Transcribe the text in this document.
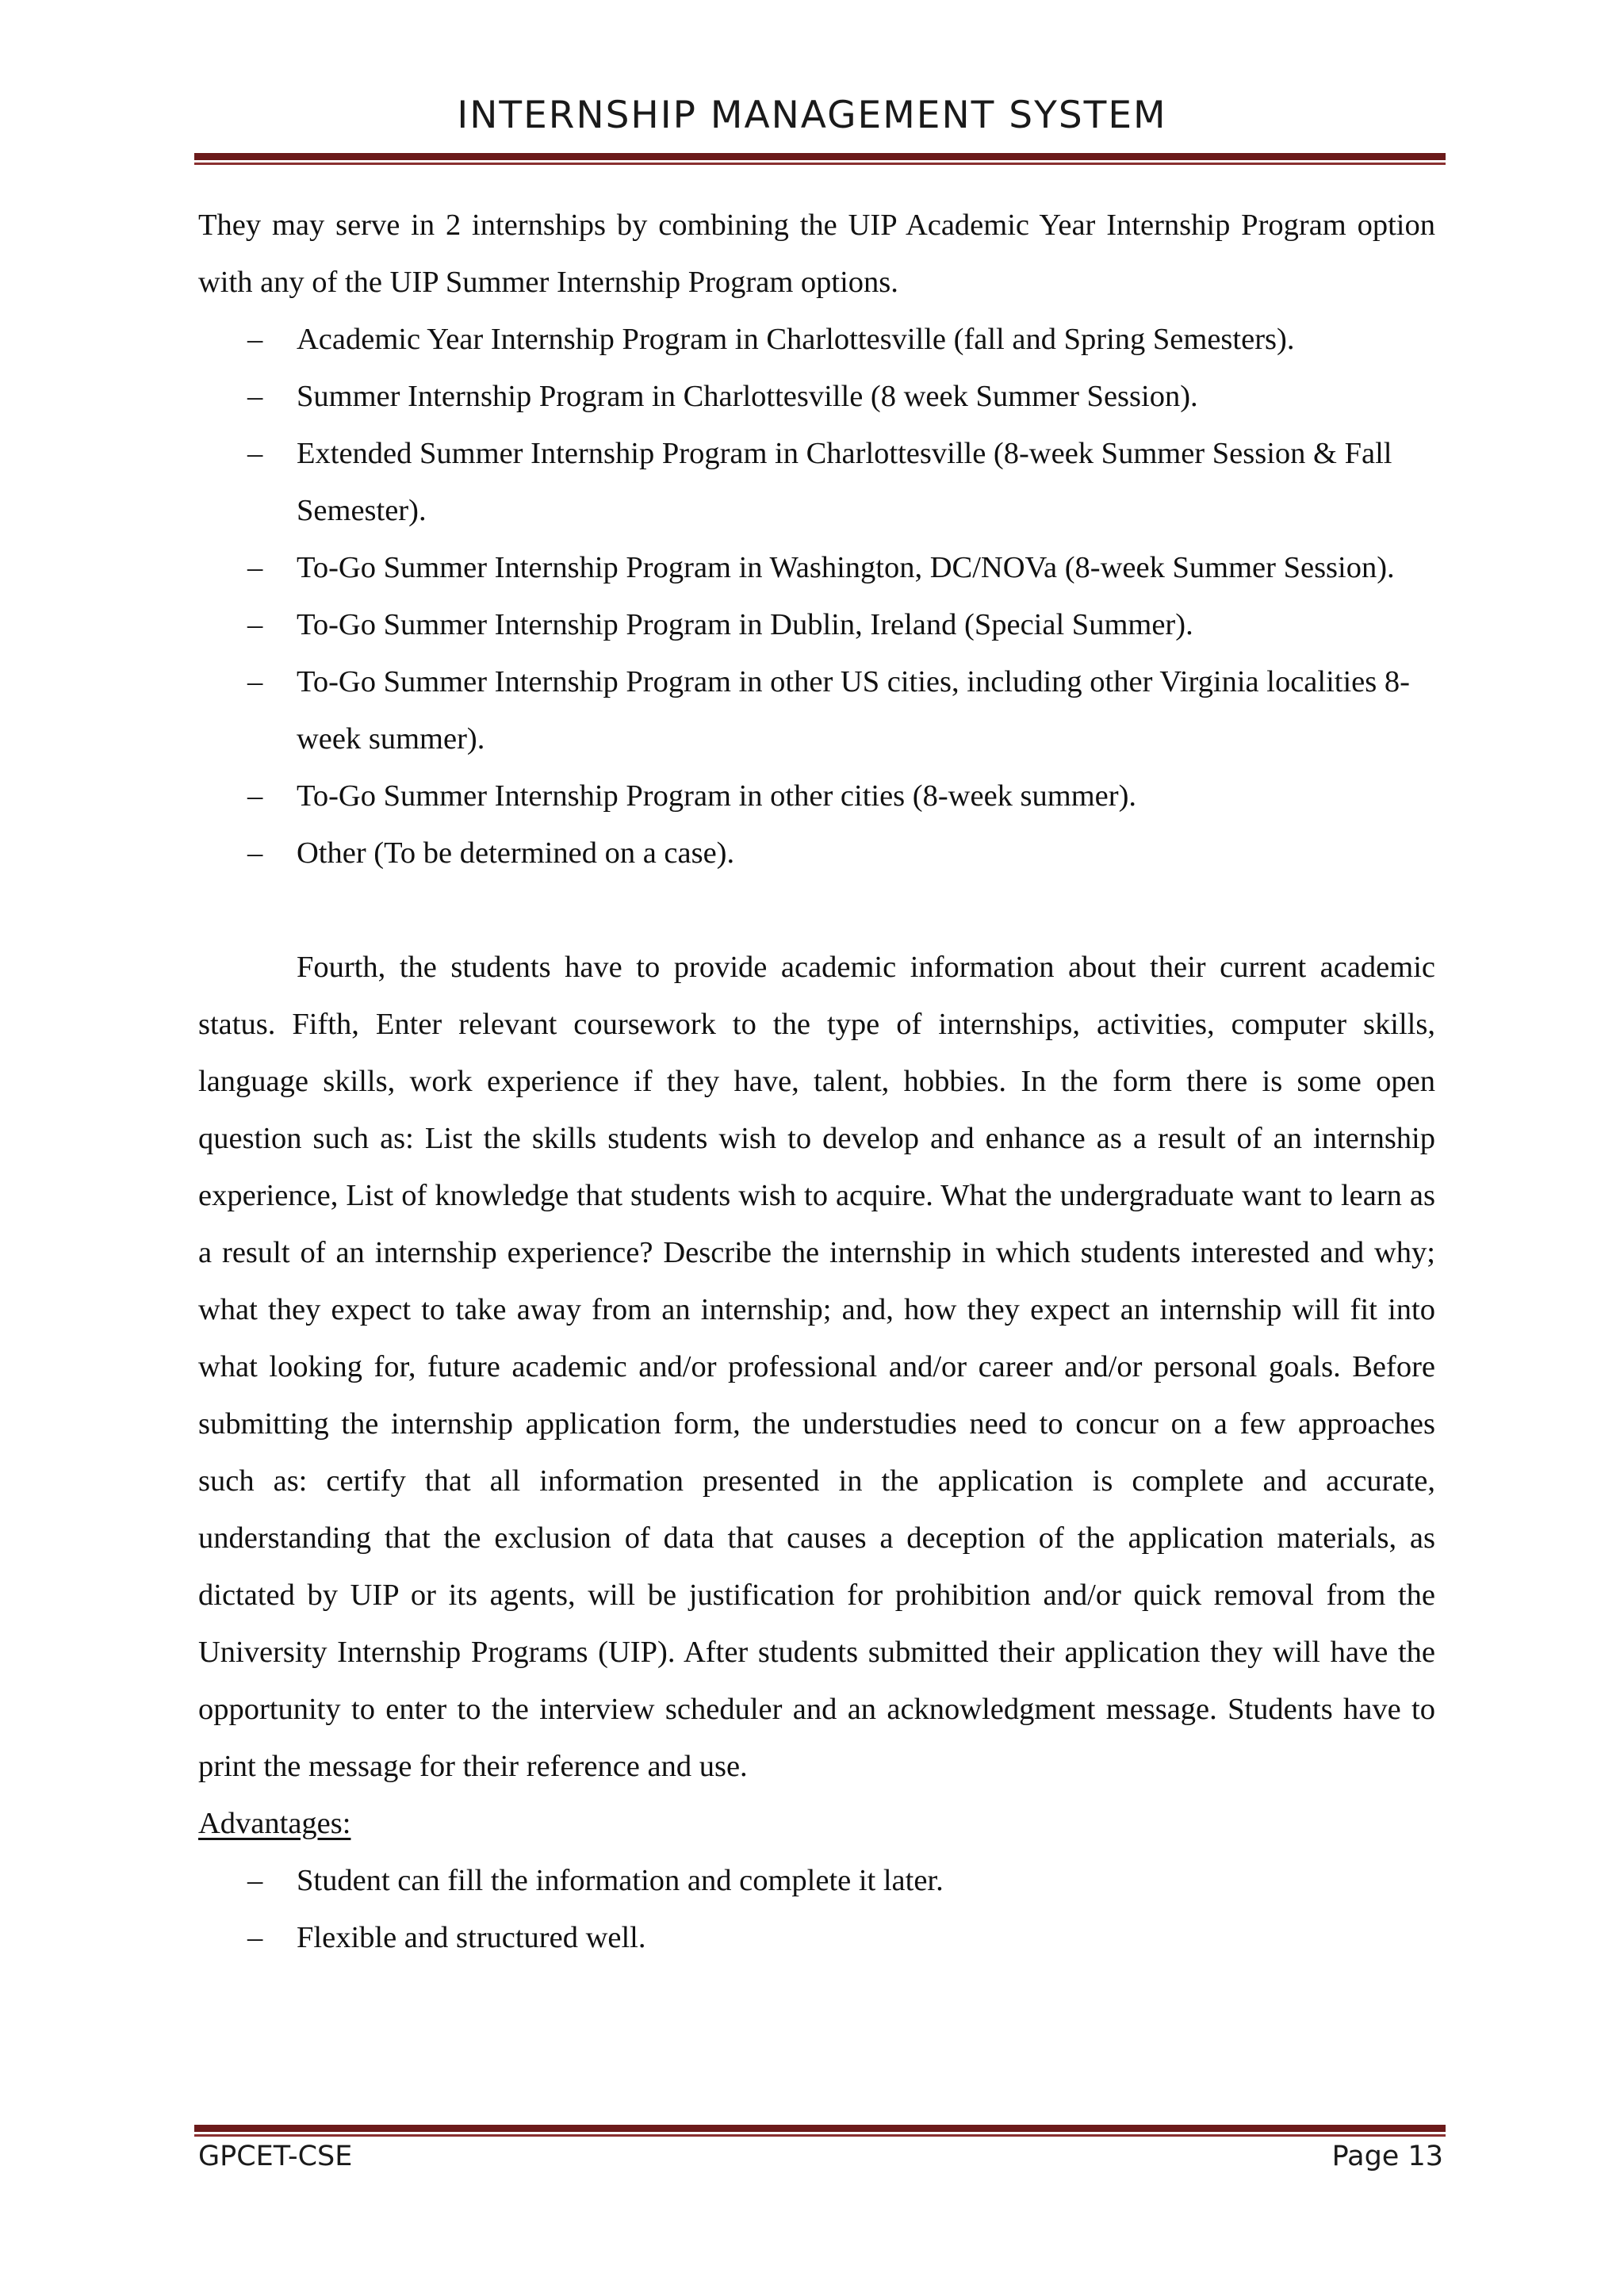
INTERNSHIP MANAGEMENT SYSTEM

They may serve in 2 internships by combining the UIP Academic Year Internship Program option with any of the UIP Summer Internship Program options.

– Academic Year Internship Program in Charlottesville (fall and Spring Semesters).
– Summer Internship Program in Charlottesville (8 week Summer Session).
– Extended Summer Internship Program in Charlottesville (8-week Summer Session & Fall Semester).
– To-Go Summer Internship Program in Washington, DC/NOVa (8-week Summer Session).
– To-Go Summer Internship Program in Dublin, Ireland (Special Summer).
– To-Go Summer Internship Program in other US cities, including other Virginia localities 8-week summer).
– To-Go Summer Internship Program in other cities (8-week summer).
– Other (To be determined on a case).

Fourth, the students have to provide academic information about their current academic status. Fifth, Enter relevant coursework to the type of internships, activities, computer skills, language skills, work experience if they have, talent, hobbies. In the form there is some open question such as: List the skills students wish to develop and enhance as a result of an internship experience, List of knowledge that students wish to acquire. What the undergraduate want to learn as a result of an internship experience? Describe the internship in which students interested and why; what they expect to take away from an internship; and, how they expect an internship will fit into what looking for, future academic and/or professional and/or career and/or personal goals. Before submitting the internship application form, the understudies need to concur on a few approaches such as: certify that all information presented in the application is complete and accurate, understanding that the exclusion of data that causes a deception of the application materials, as dictated by UIP or its agents, will be justification for prohibition and/or quick removal from the University Internship Programs (UIP). After students submitted their application they will have the opportunity to enter to the interview scheduler and an acknowledgment message. Students have to print the message for their reference and use.

Advantages:

– Student can fill the information and complete it later.
– Flexible and structured well.
GPCET-CSE	Page 13
